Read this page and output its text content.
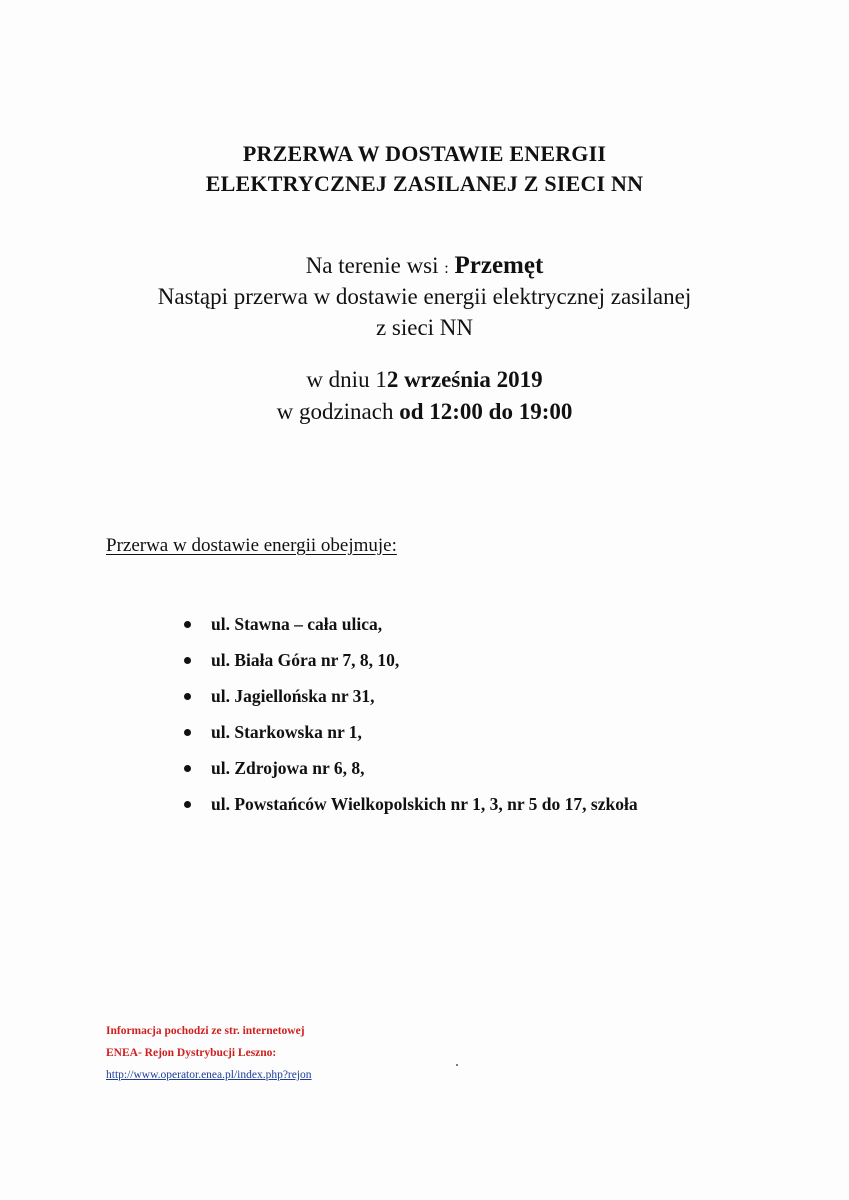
PRZERWA W DOSTAWIE ENERGII
ELEKTRYCZNEJ ZASILANEJ Z SIECI NN
Na terenie wsi : Przemęt
Nastąpi przerwa w dostawie energii elektrycznej zasilanej
z sieci NN
w dniu 12 września 2019
w godzinach od 12:00 do 19:00
Przerwa w dostawie energii obejmuje:
ul. Stawna – cała ulica,
ul. Biała Góra nr 7, 8, 10,
ul. Jagiellońska nr 31,
ul. Starkowska nr 1,
ul. Zdrojowa nr 6, 8,
ul. Powstańców Wielkopolskich nr 1, 3, nr 5 do 17, szkoła
Informacja pochodzi ze str. internetowej
ENEA- Rejon Dystrybucji Leszno:
http://www.operator.enea.pl/index.php?rejon
